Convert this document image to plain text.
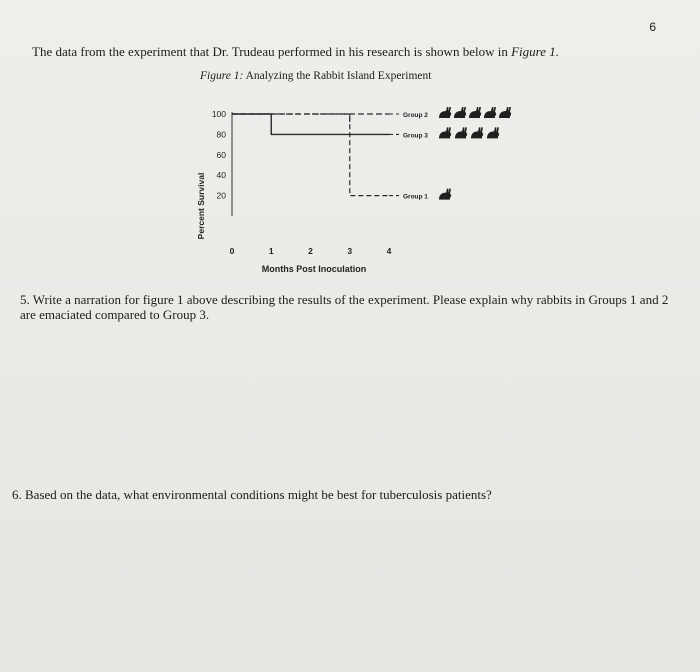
6
The data from the experiment that Dr. Trudeau performed in his research is shown below in Figure 1.
Figure 1: Analyzing the Rabbit Island Experiment
Percent Survival
Months Post Inoculation
20
40
60
80
100
0	1	2	3	4
Group 2
Group 3
Group 1
5. Write a narration for figure 1 above describing the results of the experiment. Please explain why rabbits in Groups 1 and 2 are emaciated compared to Group 3.
6. Based on the data, what environmental conditions might be best for tuberculosis patients?
